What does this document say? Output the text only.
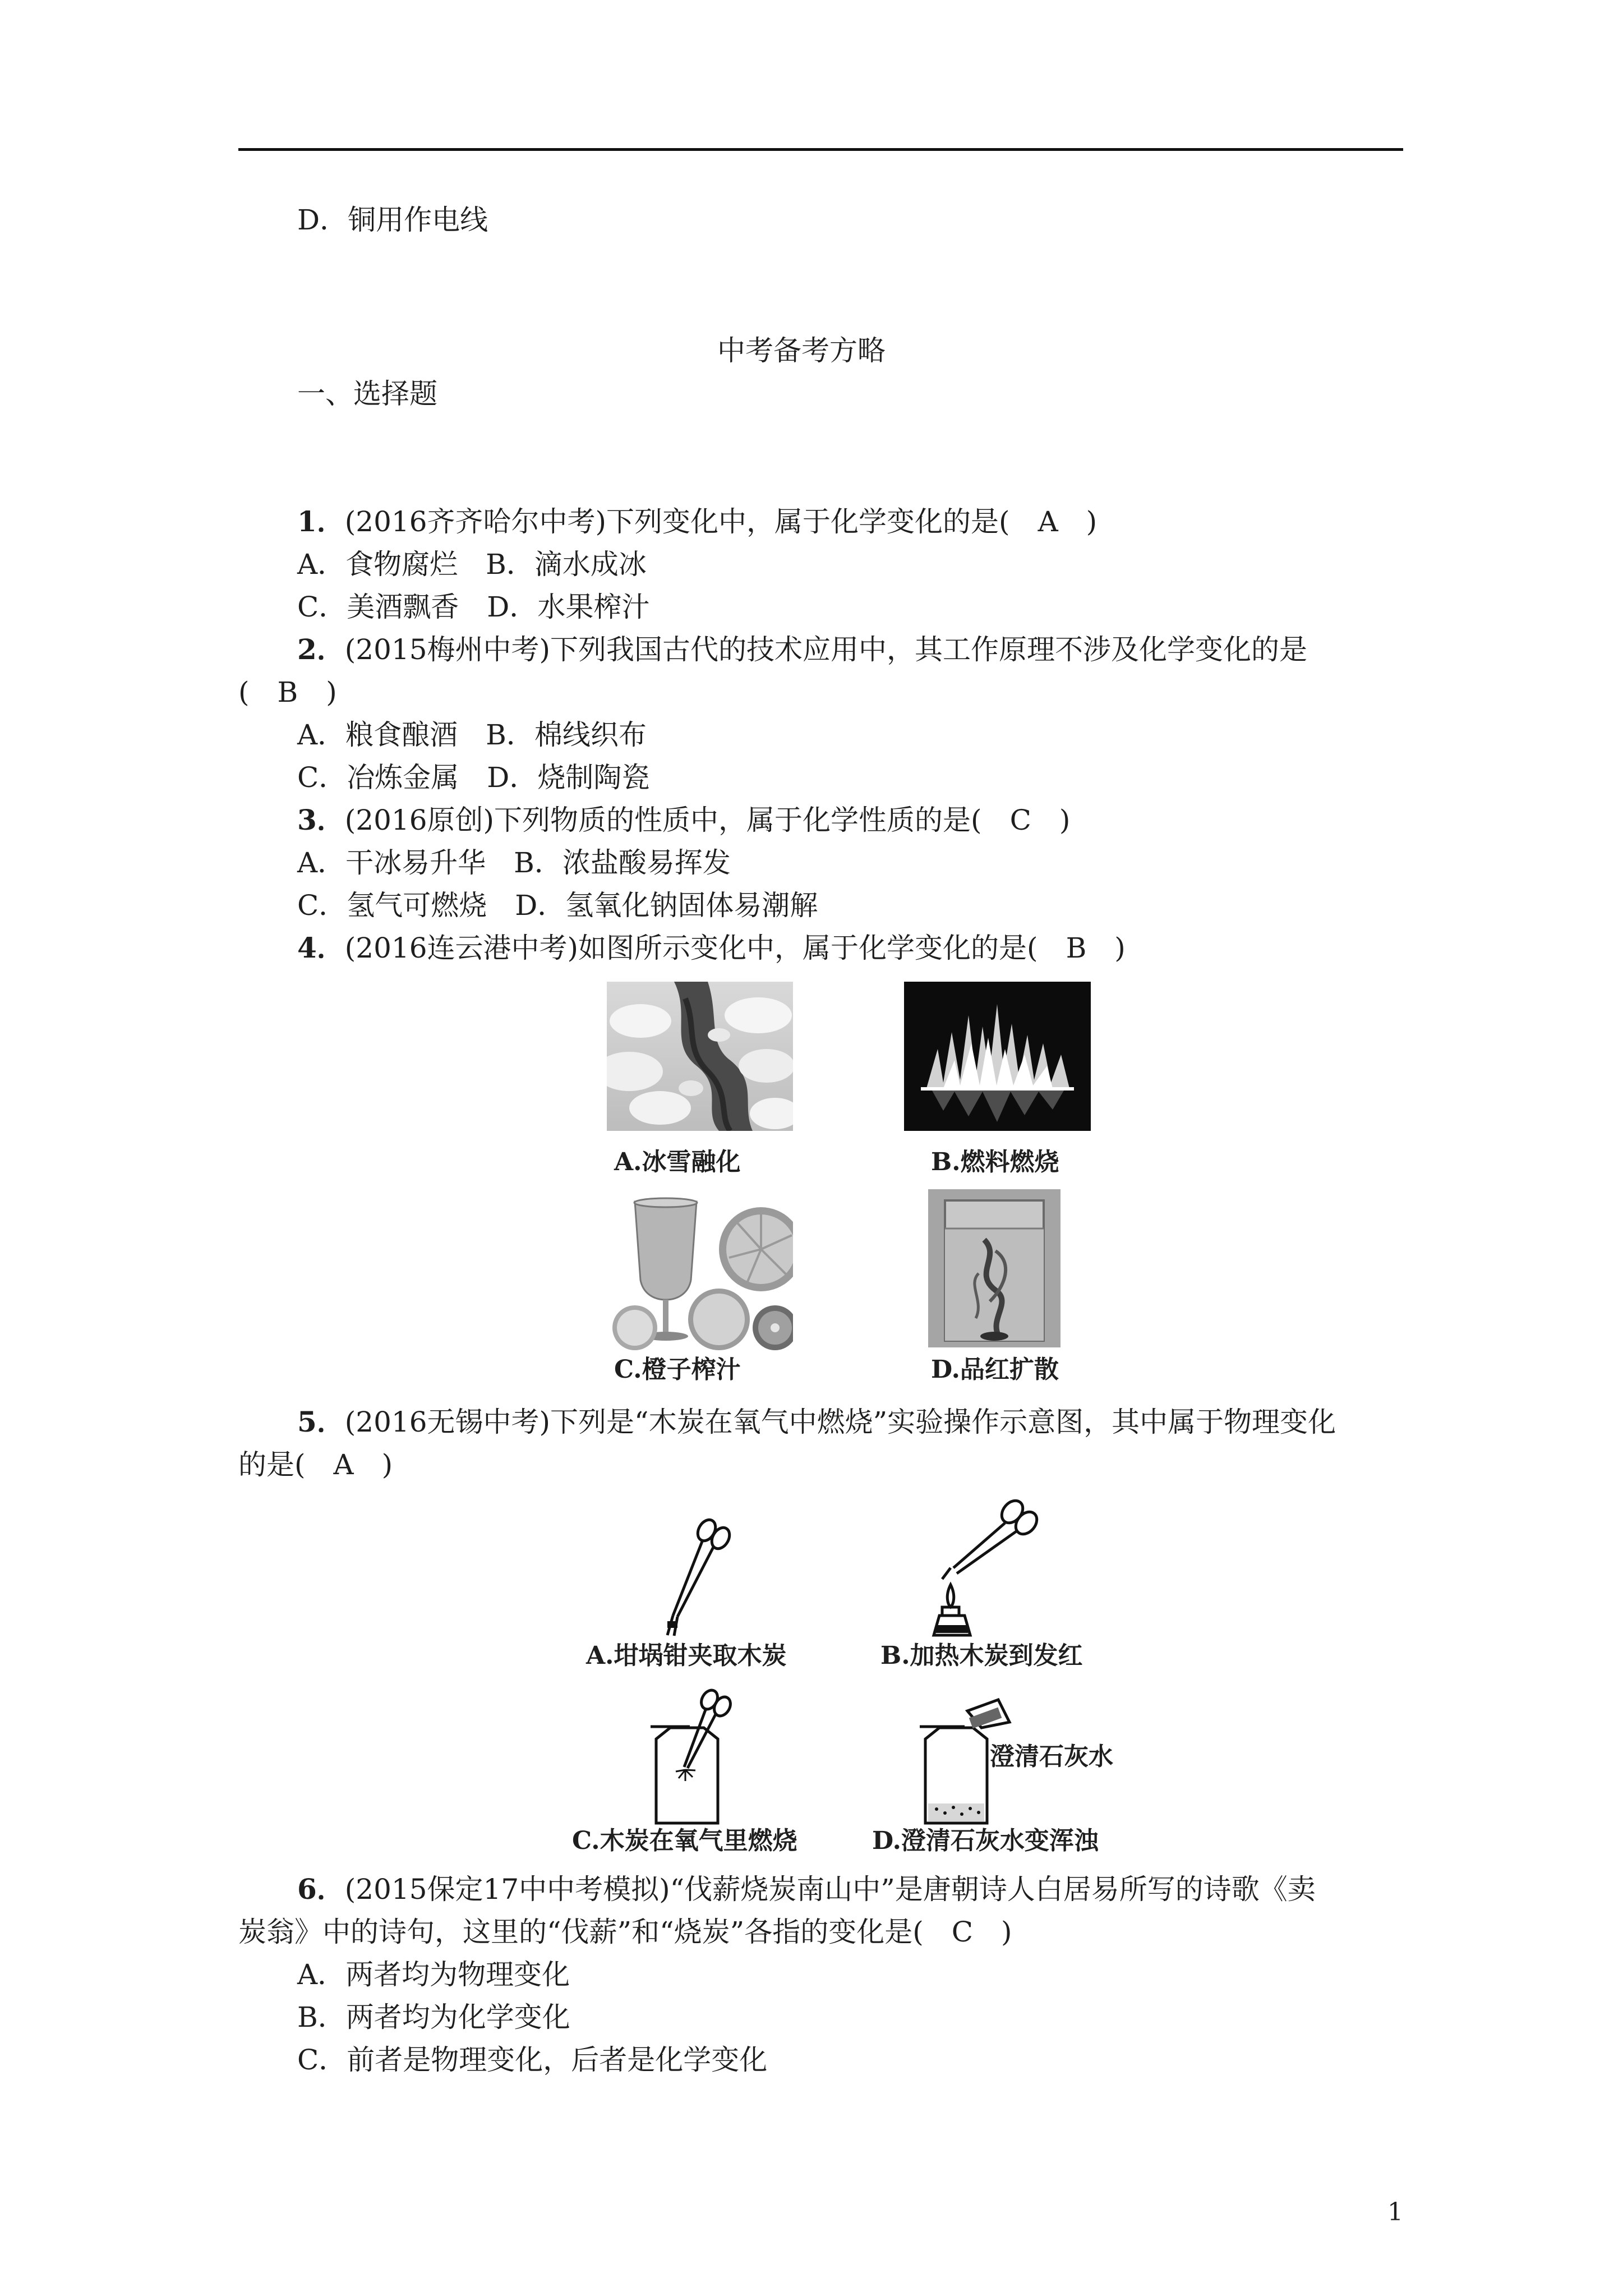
D．铜用作电线
中考备考方略
一、选择题
1．(2016齐齐哈尔中考)下列变化中，属于化学变化的是(　A　)
A．食物腐烂　B．滴水成冰
C．美酒飘香　D．水果榨汁
2．(2015梅州中考)下列我国古代的技术应用中，其工作原理不涉及化学变化的是
(　B　)
A．粮食酿酒　B．棉线织布
C．冶炼金属　D．烧制陶瓷
3．(2016原创)下列物质的性质中，属于化学性质的是(　C　)
A．干冰易升华　B．浓盐酸易挥发
C．氢气可燃烧　D．氢氧化钠固体易潮解
4．(2016连云港中考)如图所示变化中，属于化学变化的是(　B　)
A.冰雪融化	B.燃料燃烧
C.橙子榨汁	D.品红扩散
5．(2016无锡中考)下列是“木炭在氧气中燃烧”实验操作示意图，其中属于物理变化
的是(　A　)
A.坩埚钳夹取木炭	B.加热木炭到发红
C.木炭在氧气里燃烧
澄清石灰水
D.澄清石灰水变浑浊
6．(2015保定17中中考模拟)“伐薪烧炭南山中”是唐朝诗人白居易所写的诗歌《卖
炭翁》中的诗句，这里的“伐薪”和“烧炭”各指的变化是(　C　)
A．两者均为物理变化
B．两者均为化学变化
C．前者是物理变化，后者是化学变化
1
